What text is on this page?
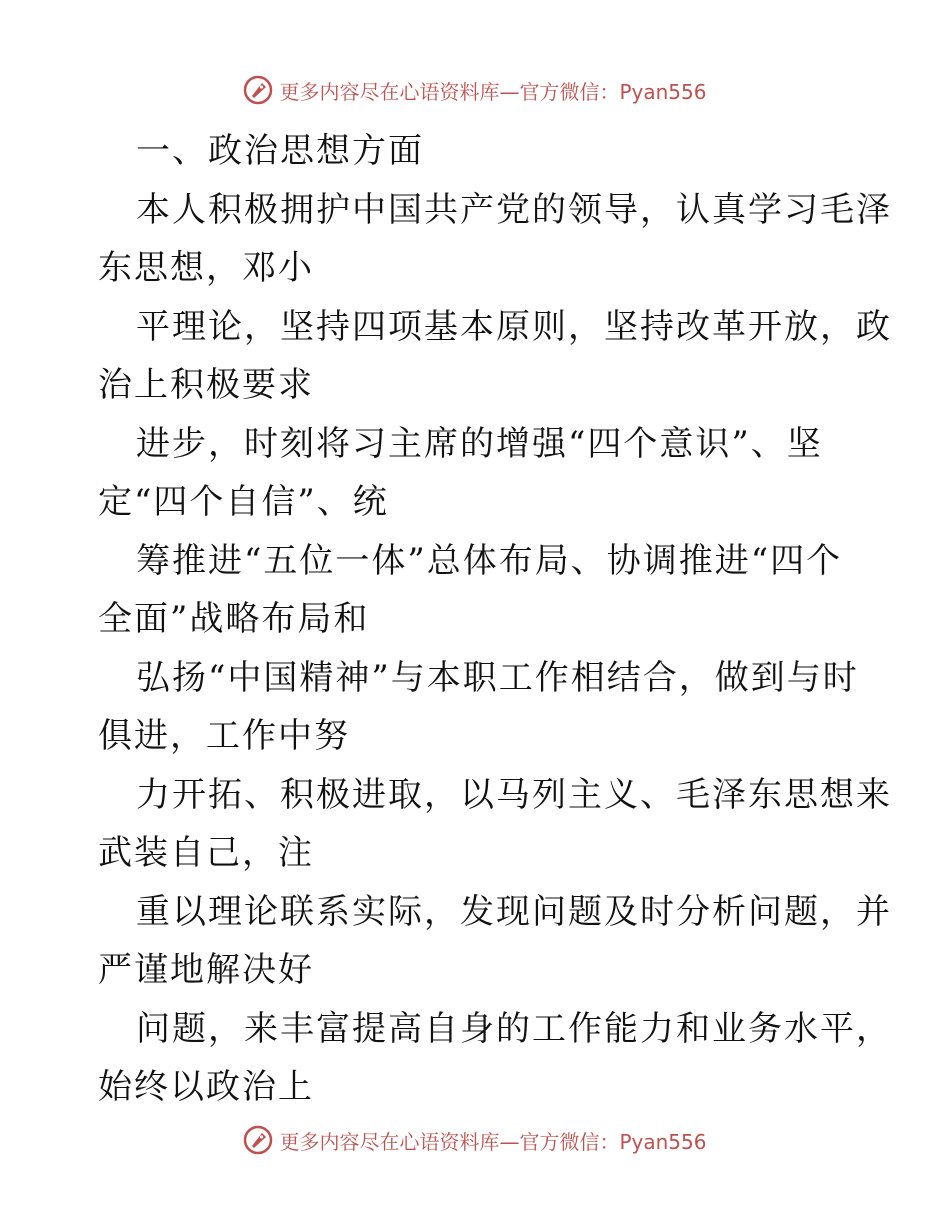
更多内容尽在心语资料库—官方微信：Pyan556
一、政治思想方面
本人积极拥护中国共产党的领导，认真学习毛泽
东思想，邓小
平理论，坚持四项基本原则，坚持改革开放，政
治上积极要求
进步，时刻将习主席的增强“四个意识”、坚
定“四个自信”、统
筹推进“五位一体”总体布局、协调推进“四个
全面”战略布局和
弘扬“中国精神”与本职工作相结合，做到与时
俱进，工作中努
力开拓、积极进取，以马列主义、毛泽东思想来
武装自己，注
重以理论联系实际，发现问题及时分析问题，并
严谨地解决好
问题，来丰富提高自身的工作能力和业务水平，
始终以政治上
更多内容尽在心语资料库—官方微信：Pyan556
